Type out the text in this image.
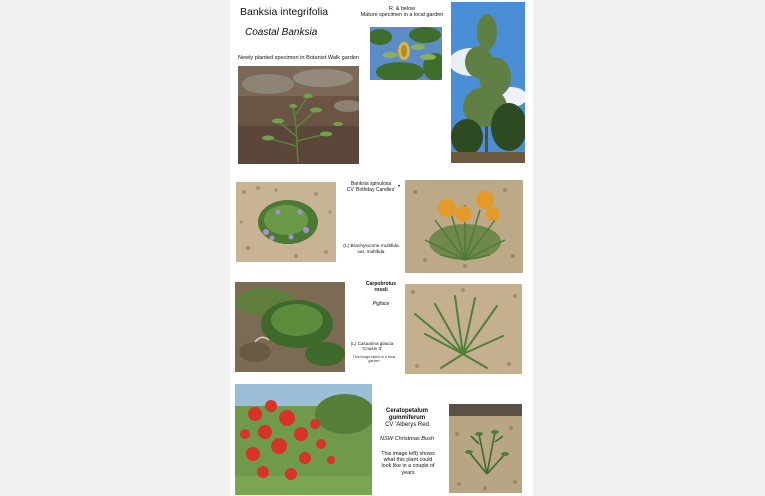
Banksia integrifolia
Coastal Banksia
Newly planted specimen in Botanist Walk garden
R. & below
Mature specimen in a local garden
Banksia spinulosa
CV 'Birthday Candles' •
(L) Brachyscome multifida
var. multifida
Carpobrotus
rossii
Pigface
(L) Casuarina glauca
'Cousin It'
This image taken in a local garden
Ceratopetalum
gummiferum
CV 'Alberys Red
NSW Christmas Bush
This image left) shows what this plant could look like in a couple of years
